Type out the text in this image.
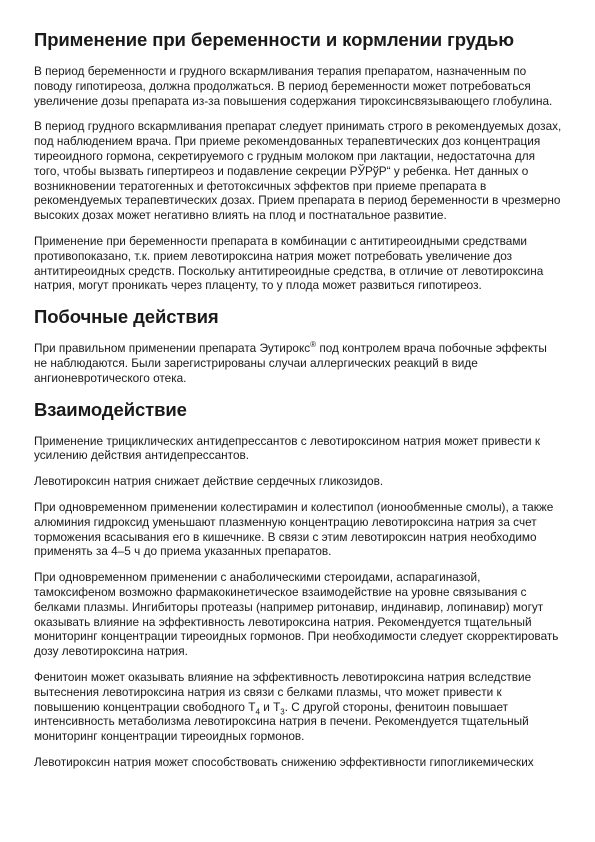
Применение при беременности и кормлении грудью

В период беременности и грудного вскармливания терапия препаратом, назначенным по поводу гипотиреоза, должна продолжаться. В период беременности может потребоваться увеличение дозы препарата из-за повышения содержания тироксинсвязывающего глобулина.

В период грудного вскармливания препарат следует принимать строго в рекомендуемых дозах, под наблюдением врача. При приеме рекомендованных терапевтических доз концентрация тиреоидного гормона, секретируемого с грудным молоком при лактации, недостаточна для того, чтобы вызвать гипертиреоз и подавление секреции РЎРўР“ у ребенка. Нет данных о возникновении тератогенных и фетотоксичных эффектов при приеме препарата в рекомендуемых терапевтических дозах. Прием препарата в период беременности в чрезмерно высоких дозах может негативно влиять на плод и постнатальное развитие.

Применение при беременности препарата в комбинации с антитиреоидными средствами противопоказано, т.к. прием левотироксина натрия может потребовать увеличение доз антитиреоидных средств. Поскольку антитиреоидные средства, в отличие от левотироксина натрия, могут проникать через плаценту, то у плода может развиться гипотиреоз.

Побочные действия

При правильном применении препарата Эутирокс® под контролем врача побочные эффекты не наблюдаются. Были зарегистрированы случаи аллергических реакций в виде ангионевротического отека.

Взаимодействие

Применение трициклических антидепрессантов с левотироксином натрия может привести к усилению действия антидепрессантов.

Левотироксин натрия снижает действие сердечных гликозидов.

При одновременном применении колестирамин и колестипол (ионообменные смолы), а также алюминия гидроксид уменьшают плазменную концентрацию левотироксина натрия за счет торможения всасывания его в кишечнике. В связи с этим левотироксин натрия необходимо применять за 4–5 ч до приема указанных препаратов.

При одновременном применении с анаболическими стероидами, аспарагиназой, тамоксифеном возможно фармакокинетическое взаимодействие на уровне связывания с белками плазмы. Ингибиторы протеазы (например ритонавир, индинавир, лопинавир) могут оказывать влияние на эффективность левотироксина натрия. Рекомендуется тщательный мониторинг концентрации тиреоидных гормонов. При необходимости следует скорректировать дозу левотироксина натрия.

Фенитоин может оказывать влияние на эффективность левотироксина натрия вследствие вытеснения левотироксина натрия из связи с белками плазмы, что может привести к повышению концентрации свободного $Т_4$ и $Т_3$. С другой стороны, фенитоин повышает интенсивность метаболизма левотироксина натрия в печени. Рекомендуется тщательный мониторинг концентрации тиреоидных гормонов.

Левотироксин натрия может способствовать снижению эффективности гипогликемических
